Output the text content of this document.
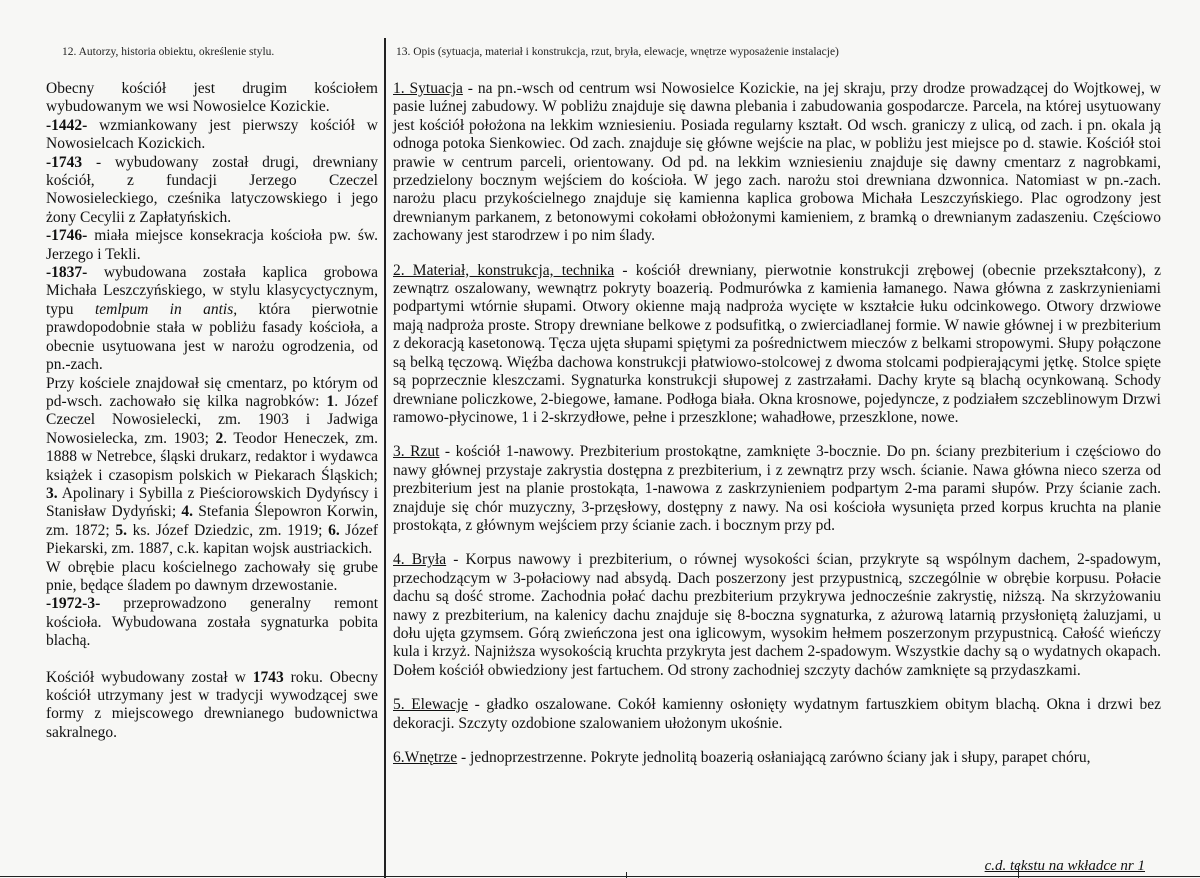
12. Autorzy, historia obiektu, określenie stylu.	13. Opis (sytuacja, materiał i konstrukcja, rzut, bryła, elewacje, wnętrze wyposażenie instalacje)

Obecny kościół jest drugim kościołem wybudowanym we wsi Nowosielce Kozickie.

-1442- wzmiankowany jest pierwszy kościół w Nowosielcach Kozickich.

-1743 - wybudowany został drugi, drewniany kościół, z fundacji Jerzego Czeczel Nowosieleckiego, cześnika latyczowskiego i jego żony Cecylii z Zapłatyńskich.

-1746- miała miejsce konsekracja kościoła pw. św. Jerzego i Tekli.

-1837- wybudowana została kaplica grobowa Michała Leszczyńskiego, w stylu klasycyctycznym, typu temlpum in antis, która pierwotnie prawdopodobnie stała w pobliżu fasady kościoła, a obecnie usytuowana jest w narożu ogrodzenia, od pn.-zach.

Przy kościele znajdował się cmentarz, po którym od pd-wsch. zachowało się kilka nagrobków: 1. Józef Czeczel Nowosielecki, zm. 1903 i Jadwiga Nowosielecka, zm. 1903; 2. Teodor Heneczek, zm. 1888 w Netrebce, śląski drukarz, redaktor i wydawca książek i czasopism polskich w Piekarach Śląskich; 3. Apolinary i Sybilla z Pieściorowskich Dydyńscy i Stanisław Dydyński; 4. Stefania Ślepowron Korwin, zm. 1872; 5. ks. Józef Dziedzic, zm. 1919; 6. Józef Piekarski, zm. 1887, c.k. kapitan wojsk austriackich.

W obrębie placu kościelnego zachowały się grube pnie, będące śladem po dawnym drzewostanie.

-1972-3- przeprowadzono generalny remont kościoła. Wybudowana została sygnaturka pobita blachą.

Kościół wybudowany został w 1743 roku. Obecny kościół utrzymany jest w tradycji wywodzącej swe formy z miejscowego drewnianego budownictwa sakralnego.

1. Sytuacja - na pn.-wsch od centrum wsi Nowosielce Kozickie, na jej skraju, przy drodze prowadzącej do Wojtkowej, w pasie luźnej zabudowy. W pobliżu znajduje się dawna plebania i zabudowania gospodarcze. Parcela, na której usytuowany jest kościół położona na lekkim wzniesieniu. Posiada regularny kształt. Od wsch. graniczy z ulicą, od zach. i pn. okala ją odnoga potoka Sienkowiec. Od zach. znajduje się główne wejście na plac, w pobliżu jest miejsce po d. stawie. Kościół stoi prawie w centrum parceli, orientowany. Od pd. na lekkim wzniesieniu znajduje się dawny cmentarz z nagrobkami, przedzielony bocznym wejściem do kościoła. W jego zach. narożu stoi drewniana dzwonnica. Natomiast w pn.-zach. narożu placu przykościelnego znajduje się kamienna kaplica grobowa Michała Leszczyńskiego. Plac ogrodzony jest drewnianym parkanem, z betonowymi cokołami obłożonymi kamieniem, z bramką o drewnianym zadaszeniu. Częściowo zachowany jest starodrzew i po nim ślady.
2. Materiał, konstrukcja, technika - kościół drewniany, pierwotnie konstrukcji zrębowej (obecnie przekształcony), z zewnątrz oszalowany, wewnątrz pokryty boazerią. Podmurówka z kamienia łamanego. Nawa główna z zaskrzynieniami podpartymi wtórnie słupami. Otwory okienne mają nadproża wycięte w kształcie łuku odcinkowego. Otwory drzwiowe mają nadproża proste. Stropy drewniane belkowe z podsufitką, o zwierciadlanej formie. W nawie głównej i w prezbiterium z dekoracją kasetonową. Tęcza ujęta słupami spiętymi za pośrednictwem mieczów z belkami stropowymi. Słupy połączone są belką tęczową. Więźba dachowa konstrukcji płatwiowo-stolcowej z dwoma stolcami podpierającymi jętkę. Stolce spięte są poprzecznie kleszczami. Sygnaturka konstrukcji słupowej z zastrzałami. Dachy kryte są blachą ocynkowaną. Schody drewniane policzkowe, 2-biegowe, łamane. Podłoga biała. Okna krosnowe, pojedyncze, z podziałem szczeblinowym Drzwi ramowo-płycinowe, 1 i 2-skrzydłowe, pełne i przeszklone; wahadłowe, przeszklone, nowe.
3. Rzut - kościół 1-nawowy. Prezbiterium prostokątne, zamknięte 3-bocznie. Do pn. ściany prezbiterium i częściowo do nawy głównej przystaje zakrystia dostępna z prezbiterium, i z zewnątrz przy wsch. ścianie. Nawa główna nieco szerza od prezbiterium jest na planie prostokąta, 1-nawowa z zaskrzynieniem podpartym 2-ma parami słupów. Przy ścianie zach. znajduje się chór muzyczny, 3-przęsłowy, dostępny z nawy. Na osi kościoła wysunięta przed korpus kruchta na planie prostokąta, z głównym wejściem przy ścianie zach. i bocznym przy pd.
4. Bryła - Korpus nawowy i prezbiterium, o równej wysokości ścian, przykryte są wspólnym dachem, 2-spadowym, przechodzącym w 3-połaciowy nad absydą. Dach poszerzony jest przypustnicą, szczególnie w obrębie korpusu. Połacie dachu są dość strome. Zachodnia połać dachu prezbiterium przykrywa jednocześnie zakrystię, niższą. Na skrzyżowaniu nawy z prezbiterium, na kalenicy dachu znajduje się 8-boczna sygnaturka, z ażurową latarnią przysłoniętą żaluzjami, u dołu ujęta gzymsem. Górą zwieńczona jest ona iglicowym, wysokim hełmem poszerzonym przypustnicą. Całość wieńczy kula i krzyż. Najniższa wysokością kruchta przykryta jest dachem 2-spadowym. Wszystkie dachy są o wydatnych okapach. Dołem kościół obwiedziony jest fartuchem. Od strony zachodniej szczyty dachów zamknięte są przydaszkami.
5. Elewacje - gładko oszalowane. Cokół kamienny osłonięty wydatnym fartuszkiem obitym blachą. Okna i drzwi bez dekoracji. Szczyty ozdobione szalowaniem ułożonym ukośnie.
6.Wnętrze - jednoprzestrzenne. Pokryte jednolitą boazerią osłaniającą zarówno ściany jak i słupy, parapet chóru,
c.d. tekstu na wkładce nr 1
